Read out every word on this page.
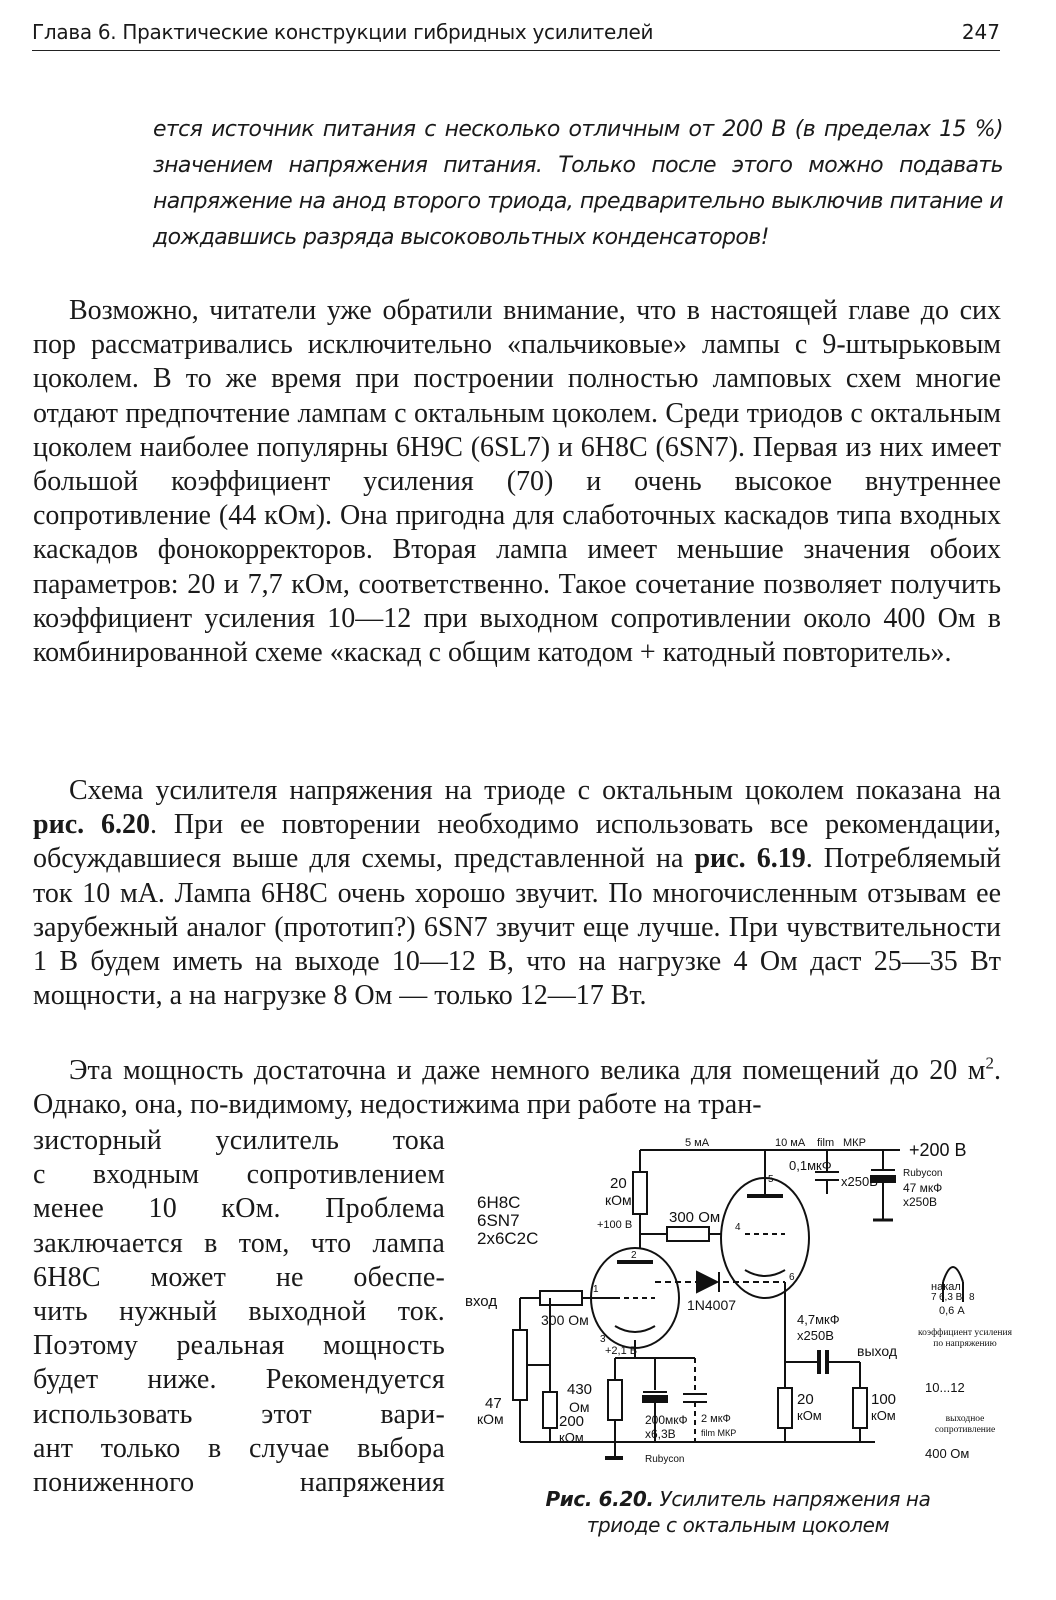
Глава 6. Практические конструкции гибридных усилителей	247

ется источник питания с несколько отличным от 200 В (в пределах 15 %) значением напряжения питания. Только после этого можно подавать напряжение на анод второго триода, предварительно выключив питание и дождавшись разряда высоковольтных конденсаторов!

Возможно, читатели уже обратили внимание, что в настоящей главе до сих пор рассматривались исключительно «пальчиковые» лампы с 9-штырьковым цоколем. В то же время при построении полностью ламповых схем многие отдают предпочтение лампам с октальным цоколем. Среди триодов с октальным цоколем наиболее популярны 6Н9С (6SL7) и 6Н8С (6SN7). Первая из них имеет большой коэффициент усиления (70) и очень высокое внутреннее сопротивление (44 кОм). Она пригодна для слаботочных каскадов типа входных каскадов фонокорректоров. Вторая лампа имеет меньшие значения обоих параметров: 20 и 7,7 кОм, соответственно. Такое сочетание позволяет получить коэффициент усиления 10—12 при выходном сопротивлении около 400 Ом в комбинированной схеме «каскад с общим катодом + катодный повторитель».

Схема усилителя напряжения на триоде с октальным цоколем показана на рис. 6.20. При ее повторении необходимо использовать все рекомендации, обсуждавшиеся выше для схемы, представленной на рис. 6.19. Потребляемый ток 10 мА. Лампа 6Н8С очень хорошо звучит. По многочисленным отзывам ее зарубежный аналог (прототип?) 6SN7 звучит еще лучше. При чувствительности 1 В будем иметь на выходе 10—12 В, что на нагрузке 4 Ом даст 25—35 Вт мощности, а на нагрузке 8 Ом — только 12—17 Вт.

Эта мощность достаточна и даже немного велика для помещений до 20 $м^2$. Однако, она, по-видимому, недостижима при работе на тран-

зисторный усилитель тока
с входным сопротивлением
менее 10 кОм. Проблема
заключается в том, что лампа
6Н8С может не обеспе-
чить нужный выходной ток.
Поэтому реальная мощность
будет ниже. Рекомендуется
использовать этот вари-
ант только в случае выбора
пониженного напряжения
+200 В
6Н8С
6SN7
2x6С2С
20
кОм
+100 В 300 Ом
300 Ом
вход
47
кОм	200
кОм
1N4007
5 мА	10 мА film МКР
0,1мкФ
x250В
Rubycon
47 мкФ
x250В
накал
7 6,3 В 8
0,6 А
4,7мкФ
x250В
выход
+2,1 В
430
Ом
200мкФ
x6,3В
2 мкФ
film МКР
Rubycon
20
кОм
100
кОм
коэффициент усиления по напряжению
10...12
выходное сопротивление
400 Ом
1
2
3
4
5
6
Рис. 6.20. Усилитель напряжения на триоде с октальным цоколем
